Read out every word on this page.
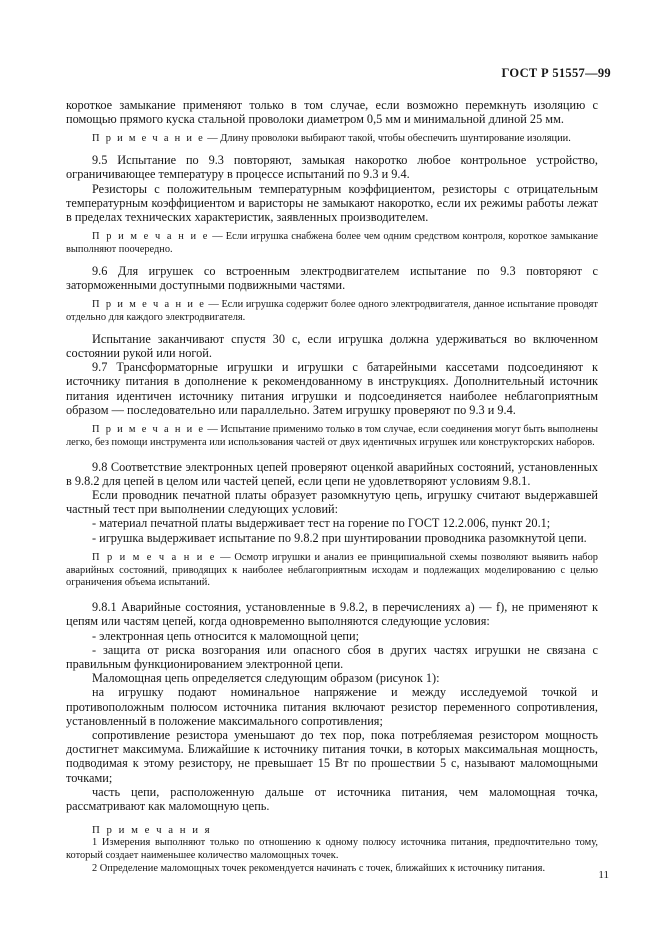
ГОСТ Р 51557—99

короткое замыкание применяют только в том случае, если возможно перемкнуть изоляцию с помощью прямого куска стальной проволоки диаметром 0,5 мм и минимальной длиной 25 мм.

П р и м е ч а н и е — Длину проволоки выбирают такой, чтобы обеспечить шунтирование изоляции.

9.5 Испытание по 9.3 повторяют, замыкая накоротко любое контрольное устройство, ограничивающее температуру в процессе испытаний по 9.3 и 9.4.

Резисторы с положительным температурным коэффициентом, резисторы с отрицательным температурным коэффициентом и варисторы не замыкают накоротко, если их режимы работы лежат в пределах технических характеристик, заявленных производителем.

П р и м е ч а н и е — Если игрушка снабжена более чем одним средством контроля, короткое замыкание выполняют поочередно.

9.6 Для игрушек со встроенным электродвигателем испытание по 9.3 повторяют с заторможенными доступными подвижными частями.

П р и м е ч а н и е — Если игрушка содержит более одного электродвигателя, данное испытание проводят отдельно для каждого электродвигателя.

Испытание заканчивают спустя 30 с, если игрушка должна удерживаться во включенном состоянии рукой или ногой.

9.7 Трансформаторные игрушки и игрушки с батарейными кассетами подсоединяют к источнику питания в дополнение к рекомендованному в инструкциях. Дополнительный источник питания идентичен источнику питания игрушки и подсоединяется наиболее неблагоприятным образом — последовательно или параллельно. Затем игрушку проверяют по 9.3 и 9.4.

П р и м е ч а н и е — Испытание применимо только в том случае, если соединения могут быть выполнены легко, без помощи инструмента или использования частей от двух идентичных игрушек или конструкторских наборов.

9.8 Соответствие электронных цепей проверяют оценкой аварийных состояний, установленных в 9.8.2 для цепей в целом или частей цепей, если цепи не удовлетворяют условиям 9.8.1.

Если проводник печатной платы образует разомкнутую цепь, игрушку считают выдержавшей частный тест при выполнении следующих условий:

- материал печатной платы выдерживает тест на горение по ГОСТ 12.2.006, пункт 20.1;

- игрушка выдерживает испытание по 9.8.2 при шунтировании проводника разомкнутой цепи.

П р и м е ч а н и е — Осмотр игрушки и анализ ее принципиальной схемы позволяют выявить набор аварийных состояний, приводящих к наиболее неблагоприятным исходам и подлежащих моделированию с целью ограничения объема испытаний.

9.8.1 Аварийные состояния, установленные в 9.8.2, в перечислениях а) — f), не применяют к цепям или частям цепей, когда одновременно выполняются следующие условия:

- электронная цепь относится к маломощной цепи;

- защита от риска возгорания или опасного сбоя в других частях игрушки не связана с правильным функционированием электронной цепи.

Маломощная цепь определяется следующим образом (рисунок 1):

на игрушку подают номинальное напряжение и между исследуемой точкой и противоположным полюсом источника питания включают резистор переменного сопротивления, установленный в положение максимального сопротивления;

сопротивление резистора уменьшают до тех пор, пока потребляемая резистором мощность достигнет максимума. Ближайшие к источнику питания точки, в которых максимальная мощность, подводимая к этому резистору, не превышает 15 Вт по прошествии 5 с, называют маломощными точками;

часть цепи, расположенную дальше от источника питания, чем маломощная точка, рассматривают как маломощную цепь.

П р и м е ч а н и я

1 Измерения выполняют только по отношению к одному полюсу источника питания, предпочтительно тому, который создает наименьшее количество маломощных точек.

2 Определение маломощных точек рекомендуется начинать с точек, ближайших к источнику питания.

11
